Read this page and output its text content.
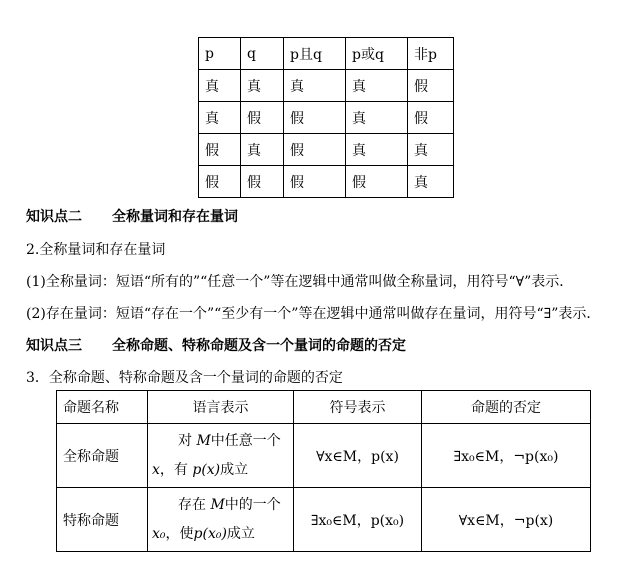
p	q	p且q	p或q	非p
真	真	真	真	假
真	假	假	真	假
假	真	假	真	真
假	假	假	假	真
知识点二 全称量词和存在量词
2.全称量词和存在量词
(1)全称量词：短语“所有的”“任意一个”等在逻辑中通常叫做全称量词，用符号“∀”表示．
(2)存在量词：短语“存在一个”“至少有一个”等在逻辑中通常叫做存在量词，用符号“∃”表示．
知识点三 全称命题、特称命题及含一个量词的命题的否定
3．全称命题、特称命题及含一个量词的命题的否定
命题名称	语言表示	符号表示	命题的否定
全称命题	对 M中任意一个
x，有 p(x)成立	∀x∈M，p(x)	∃x₀∈M，¬p(x₀)
特称命题	存在 M中的一个
x₀，使p(x₀)成立	∃x₀∈M，p(x₀)	∀x∈M，¬p(x)
